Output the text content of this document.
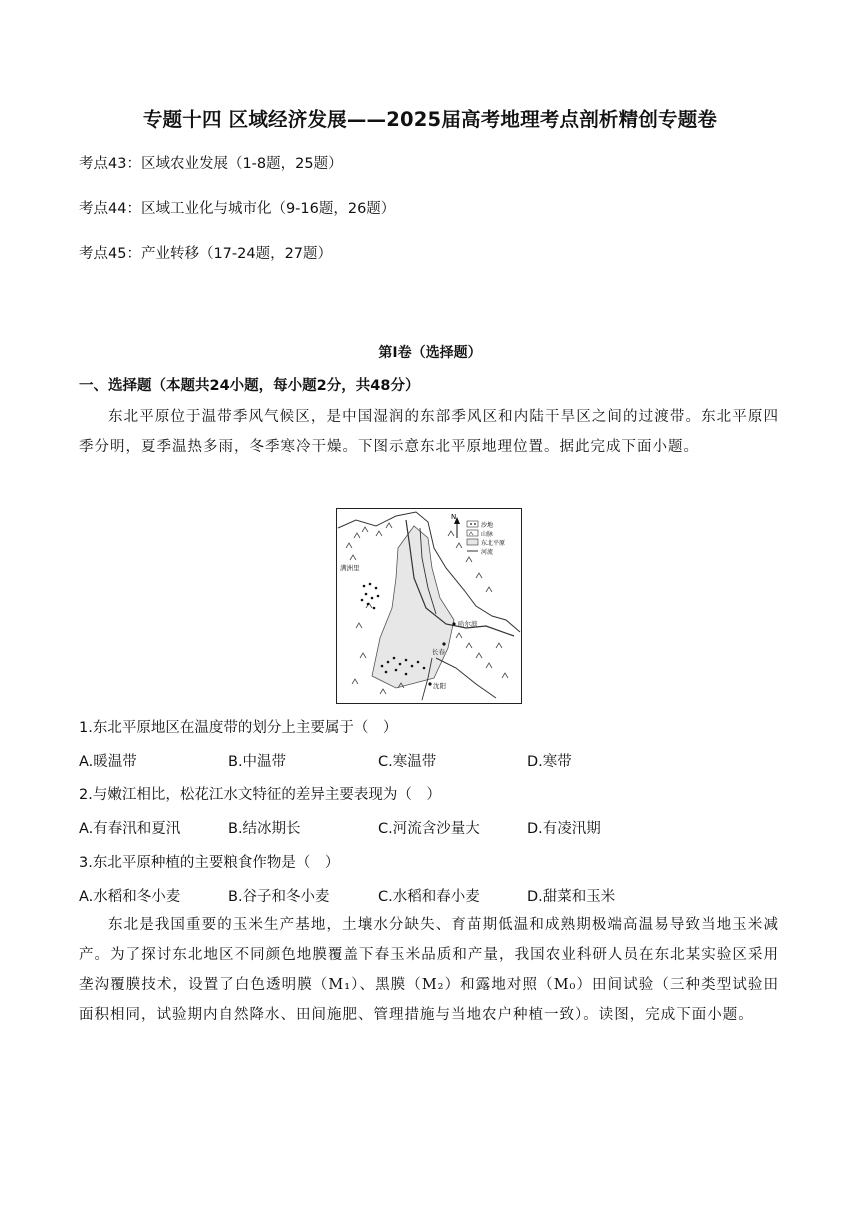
专题十四 区域经济发展——2025届高考地理考点剖析精创专题卷
考点43：区域农业发展（1-8题，25题）
考点44：区域工业化与城市化（9-16题，26题）
考点45：产业转移（17-24题，27题）
第I卷（选择题）
一、选择题（本题共24小题，每小题2分，共48分）
东北平原位于温带季风气候区，是中国湿润的东部季风区和内陆干旱区之间的过渡带。东北平原四季分明，夏季温热多雨，冬季寒冷干燥。下图示意东北平原地理位置。据此完成下面小题。
N
沙地
山脉
东北平原
河流
满洲里
哈尔滨
长春
沈阳
1.东北平原地区在温度带的划分上主要属于（　）
A.暖温带	B.中温带	C.寒温带	D.寒带
2.与嫩江相比，松花江水文特征的差异主要表现为（　）
A.有春汛和夏汛	B.结冰期长	C.河流含沙量大	D.有凌汛期
3.东北平原种植的主要粮食作物是（　）
A.水稻和冬小麦	B.谷子和冬小麦	C.水稻和春小麦	D.甜菜和玉米
东北是我国重要的玉米生产基地，土壤水分缺失、育苗期低温和成熟期极端高温易导致当地玉米减产。为了探讨东北地区不同颜色地膜覆盖下春玉米品质和产量，我国农业科研人员在东北某实验区采用垄沟覆膜技术，设置了白色透明膜（M₁）、黑膜（M₂）和露地对照（M₀）田间试验（三种类型试验田面积相同，试验期内自然降水、田间施肥、管理措施与当地农户种植一致）。读图，完成下面小题。
